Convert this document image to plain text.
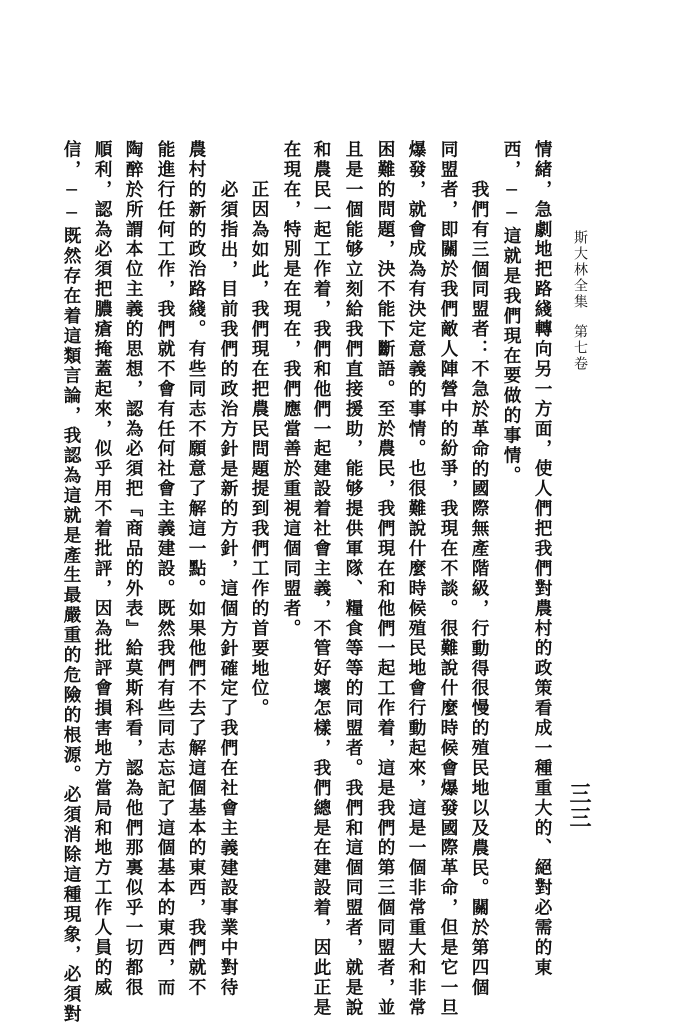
斯大林全集
第七卷
三三
情緒，急劇地把路綫轉向另一方面，使人們把我們對農村的政策看成一種重大的、絕對必需的東
西，──這就是我們現在要做的事情。
我們有三個同盟者：不急於革命的國際無產階級，行動得很慢的殖民地以及農民。關於第四個
同盟者，即關於我們敵人陣營中的紛爭，我現在不談。很難說什麼時候會爆發國際革命，但是它一旦
爆發，就會成為有決定意義的事情。也很難說什麼時候殖民地會行動起來，這是一個非常重大和非常
困難的問題，決不能下斷語。至於農民，我們現在和他們一起工作着，這是我們的第三個同盟者，並
且是一個能够立刻給我們直接援助，能够提供軍隊、糧食等等的同盟者。我們和這個同盟者，就是說
和農民一起工作着，我們和他們一起建設着社會主義，不管好壞怎樣，我們總是在建設着，因此正是
在現在，特別是在現在，我們應當善於重視這個同盟者。
正因為如此，我們現在把農民問題提到我們工作的首要地位。
必須指出，目前我們的政治方針是新的方針，這個方針確定了我們在社會主義建設事業中對待
農村的新的政治路綫。有些同志不願意了解這一點。如果他們不去了解這個基本的東西，我們就不
能進行任何工作，我們就不會有任何社會主義建設。既然我們有些同志忘記了這個基本的東西，而
陶醉於所謂本位主義的思想，認為必須把『商品的外表』給莫斯科看，認為他們那裏似乎一切都很
順利，認為必須把膿瘡掩蓋起來，似乎用不着批評，因為批評會損害地方當局和地方工作人員的威
信，──既然存在着這類言論，我認為這就是產生最嚴重的危險的根源。必須消除這種現象，必須對
